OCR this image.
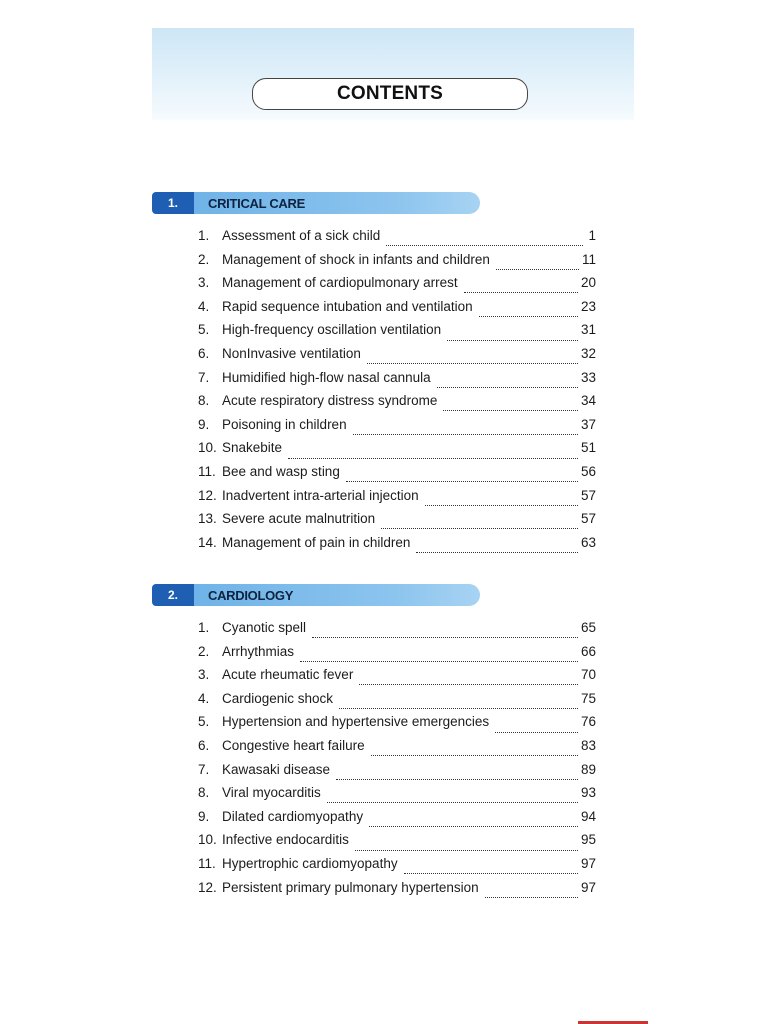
CONTENTS
1.	CRITICAL CARE
1. Assessment of a sick child	1
2. Management of shock in infants and children	11
3. Management of cardiopulmonary arrest	20
4. Rapid sequence intubation and ventilation	23
5. High-frequency oscillation ventilation	31
6. NonInvasive ventilation	32
7. Humidified high-flow nasal cannula	33
8. Acute respiratory distress syndrome	34
9. Poisoning in children	37
10. Snakebite	51
11. Bee and wasp sting	56
12. Inadvertent intra-arterial injection	57
13. Severe acute malnutrition	57
14. Management of pain in children	63
2.	CARDIOLOGY
1. Cyanotic spell	65
2. Arrhythmias	66
3. Acute rheumatic fever	70
4. Cardiogenic shock	75
5. Hypertension and hypertensive emergencies	76
6. Congestive heart failure	83
7. Kawasaki disease	89
8. Viral myocarditis	93
9. Dilated cardiomyopathy	94
10. Infective endocarditis	95
11. Hypertrophic cardiomyopathy	97
12. Persistent primary pulmonary hypertension	97
